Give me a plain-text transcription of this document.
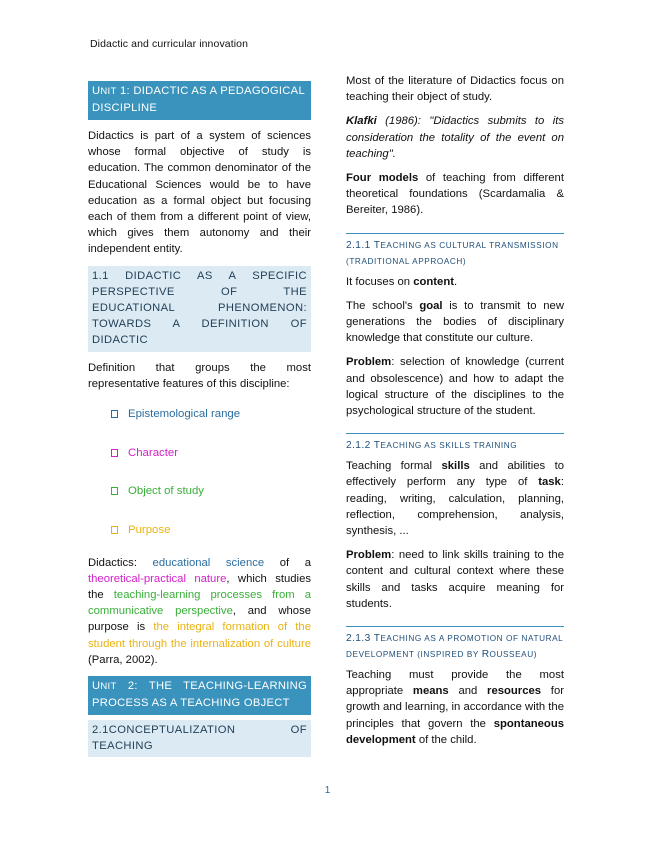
Didactic and curricular innovation
UNIT 1: DIDACTIC AS A PEDAGOGICAL DISCIPLINE

Didactics is part of a system of sciences whose formal objective of study is education. The common denominator of the Educational Sciences would be to have education as a formal object but focusing each of them from a different point of view, which gives them autonomy and their independent entity.

1.1 DIDACTIC AS A SPECIFIC PERSPECTIVE OF THE EDUCATIONAL PHENOMENON: TOWARDS A DEFINITION OF DIDACTIC

Definition that groups the most representative features of this discipline:

Epistemological range
Character
Object of study
Purpose

Didactics: educational science of a theoretical-practical nature, which studies the teaching-learning processes from a communicative perspective, and whose purpose is the integral formation of the student through the internalization of culture (Parra, 2002).

UNIT 2: THE TEACHING-LEARNING PROCESS AS A TEACHING OBJECT
2.1CONCEPTUALIZATION OF TEACHING

Most of the literature of Didactics focus on teaching their object of study.

Klafki (1986): "Didactics submits to its consideration the totality of the event on teaching".

Four models of teaching from different theoretical foundations (Scardamalia & Bereiter, 1986).

2.1.1 TEACHING AS CULTURAL TRANSMISSION
(TRADITIONAL APPROACH)

It focuses on content.

The school's goal is to transmit to new generations the bodies of disciplinary knowledge that constitute our culture.

Problem: selection of knowledge (current and obsolescence) and how to adapt the logical structure of the disciplines to the psychological structure of the student.

2.1.2 TEACHING AS SKILLS TRAINING

Teaching formal skills and abilities to effectively perform any type of task: reading, writing, calculation, planning, reflection, comprehension, analysis, synthesis, ...

Problem: need to link skills training to the content and cultural context where these skills and tasks acquire meaning for students.

2.1.3 TEACHING AS A PROMOTION OF NATURAL
DEVELOPMENT (INSPIRED BY ROUSSEAU)

Teaching must provide the most appropriate means and resources for growth and learning, in accordance with the principles that govern the spontaneous development of the child.

1
